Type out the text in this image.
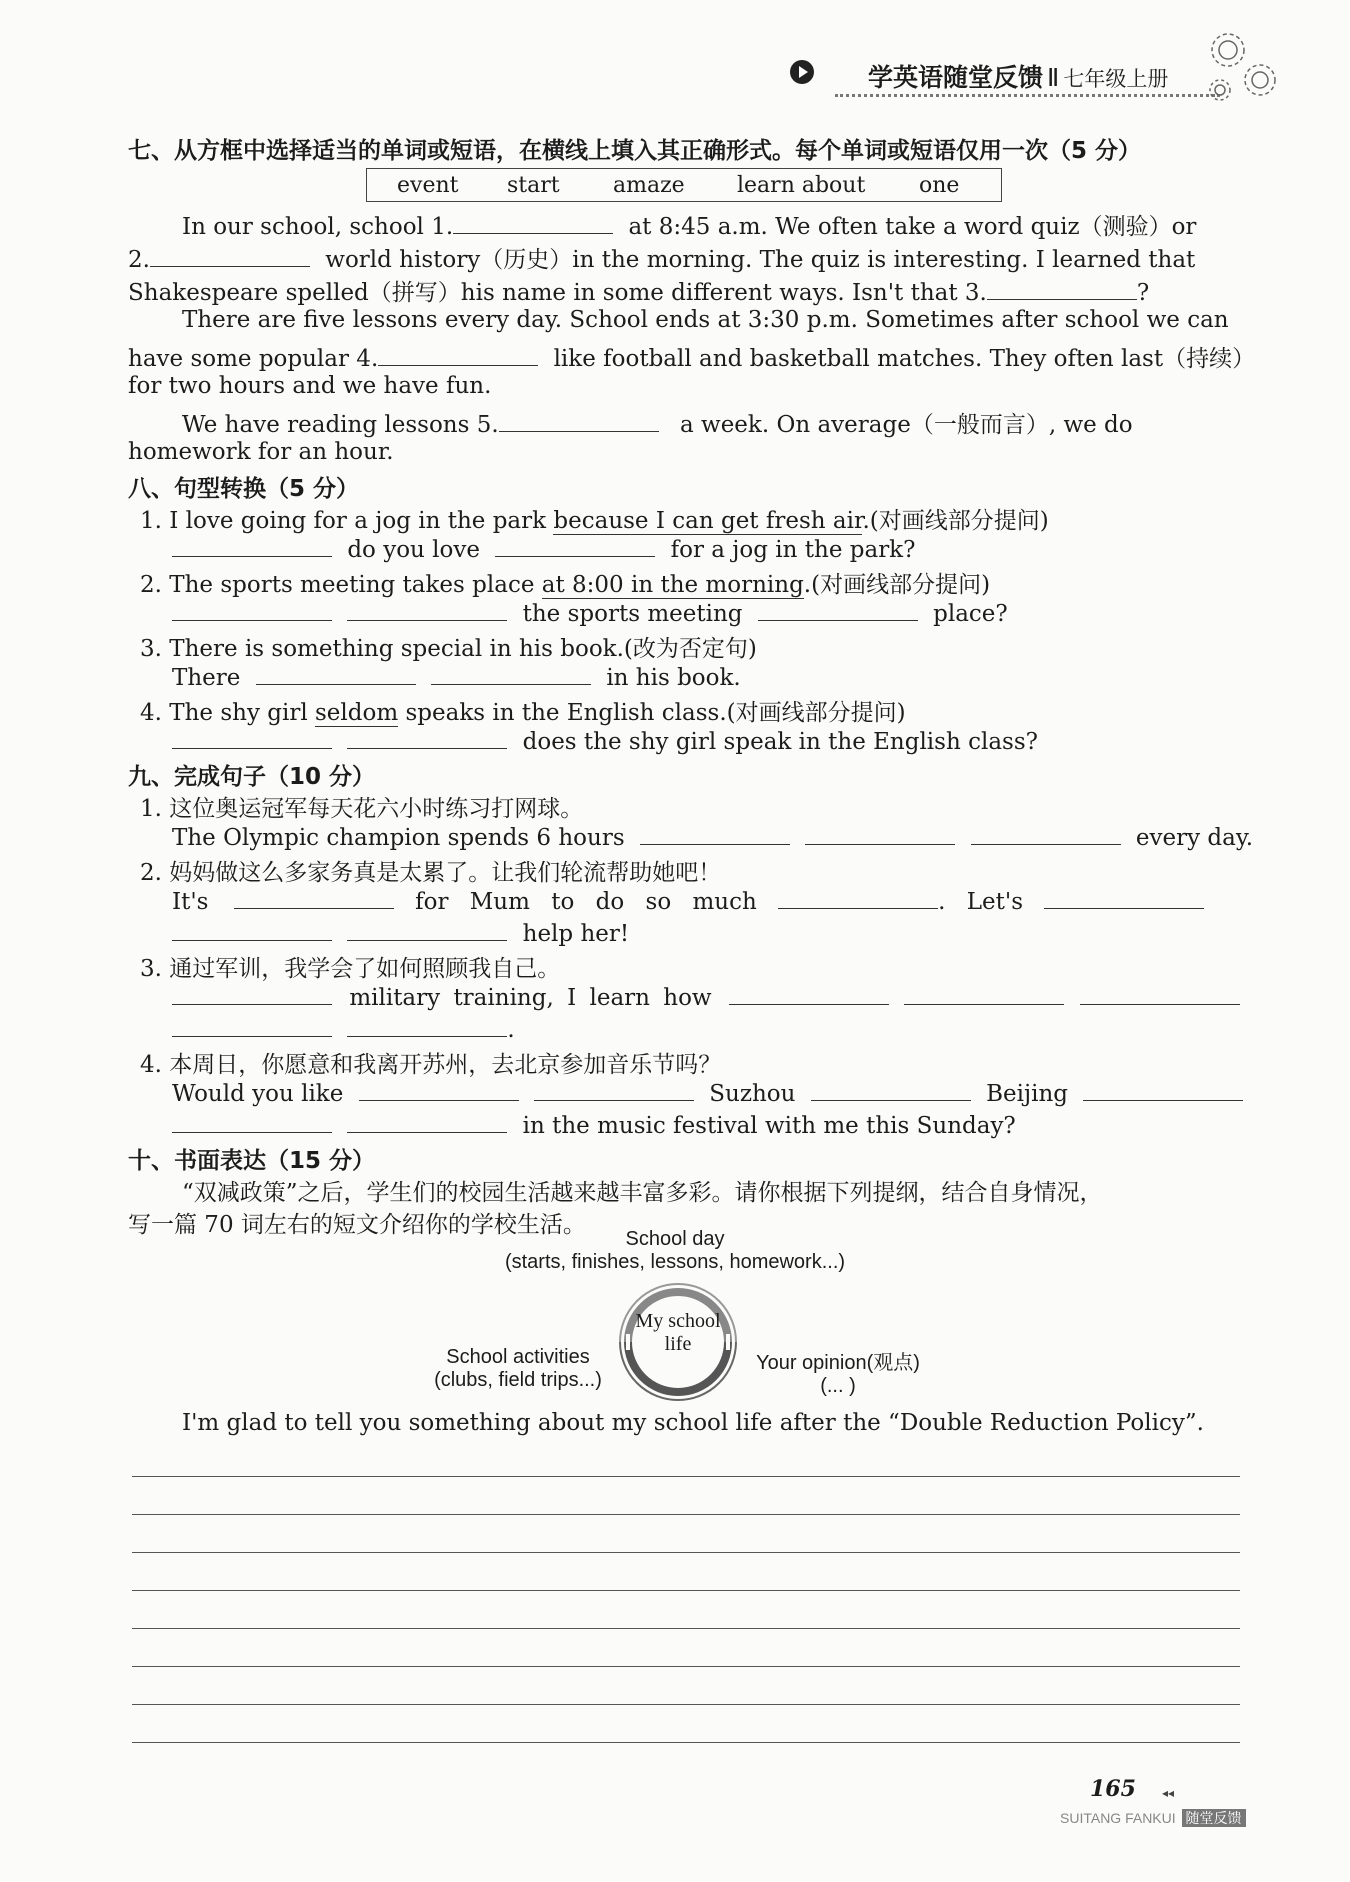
学英语随堂反馈 Ⅱ 七年级上册
七、从方框中选择适当的单词或短语，在横线上填入其正确形式。每个单词或短语仅用一次（5 分）
event start amaze learn about one
In our school, school 1.	at 8:45 a.m. We often take a word quiz（测验）or
2.	world history（历史）in the morning. The quiz is interesting. I learned that
Shakespeare spelled（拼写）his name in some different ways. Isn't that 3.	?
There are five lessons every day. School ends at 3:30 p.m. Sometimes after school we can
have some popular 4.	like football and basketball matches. They often last（持续）
for two hours and we have fun.
We have reading lessons 5.	a week. On average（一般而言）, we do
homework for an hour.
八、句型转换（5 分）
1. I love going for a jog in the park because I can get fresh air.(对画线部分提问)
do you love	for a jog in the park?
2. The sports meeting takes place at 8:00 in the morning.(对画线部分提问)
the sports meeting	place?
3. There is something special in his book.(改为否定句)
There	in his book.
4. The shy girl seldom speaks in the English class.(对画线部分提问)
does the shy girl speak in the English class?
九、完成句子（10 分）
1. 这位奥运冠军每天花六小时练习打网球。
The Olympic champion spends 6 hours	every day.
2. 妈妈做这么多家务真是太累了。让我们轮流帮助她吧！
It's	for Mum to do so much	. Let's
help her!
3. 通过军训，我学会了如何照顾我自己。
military training, I learn how
.
4. 本周日，你愿意和我离开苏州，去北京参加音乐节吗？
Would you like	Suzhou	Beijing
in the music festival with me this Sunday?
十、书面表达（15 分）
“双减政策”之后，学生们的校园生活越来越丰富多彩。请你根据下列提纲，结合自身情况，
写一篇 70 词左右的短文介绍你的学校生活。
School day
(starts, finishes, lessons, homework...)
My school
life
School activities
(clubs, field trips...)
Your opinion(观点)
(... )
I'm glad to tell you something about my school life after the “Double Reduction Policy”.
165 ◂◂
SUITANG FANKUI 随堂反馈
